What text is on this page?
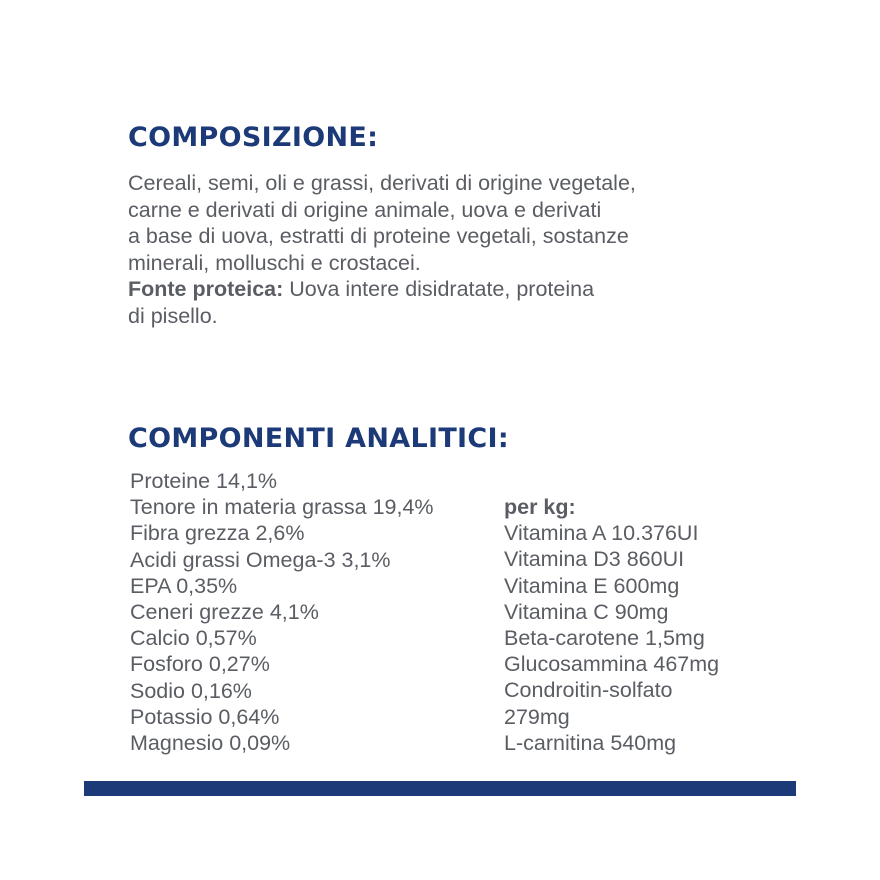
COMPOSIZIONE:
Cereali, semi, oli e grassi, derivati di origine vegetale,
carne e derivati di origine animale, uova e derivati
a base di uova, estratti di proteine vegetali, sostanze
minerali, molluschi e crostacei.
Fonte proteica: Uova intere disidratate, proteina
di pisello.
COMPONENTI ANALITICI:
Proteine 14,1%
Tenore in materia grassa 19,4%
Fibra grezza 2,6%
Acidi grassi Omega-3 3,1%
EPA 0,35%
Ceneri grezze 4,1%
Calcio 0,57%
Fosforo 0,27%
Sodio 0,16%
Potassio 0,64%
Magnesio 0,09%
per kg:
Vitamina A 10.376UI
Vitamina D3 860UI
Vitamina E 600mg
Vitamina C 90mg
Beta-carotene 1,5mg
Glucosammina 467mg
Condroitin-solfato
279mg
L-carnitina 540mg
